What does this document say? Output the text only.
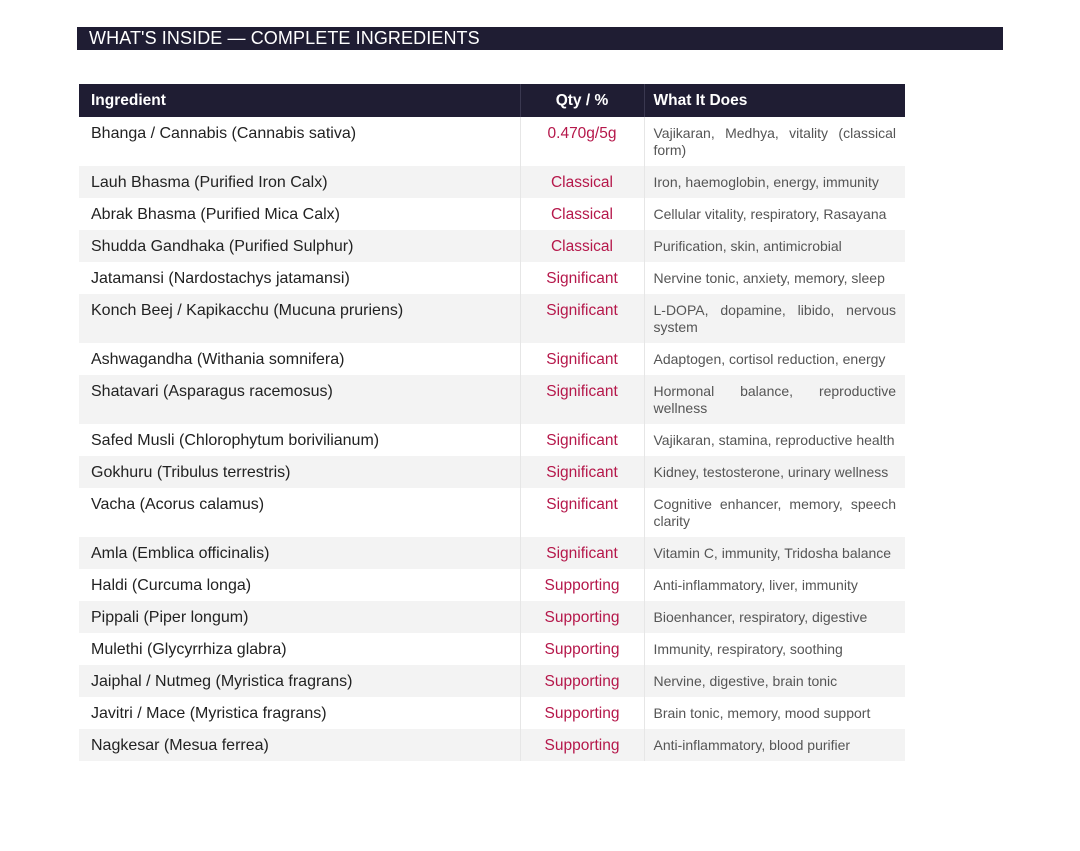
WHAT'S INSIDE — COMPLETE INGREDIENTS
Ingredient	Qty / %	What It Does
Bhanga / Cannabis (Cannabis sativa)	0.470g/5g	Vajikaran, Medhya, vitality (classical form)
Lauh Bhasma (Purified Iron Calx)	Classical	Iron, haemoglobin, energy, immunity
Abrak Bhasma (Purified Mica Calx)	Classical	Cellular vitality, respiratory, Rasayana
Shudda Gandhaka (Purified Sulphur)	Classical	Purification, skin, antimicrobial
Jatamansi (Nardostachys jatamansi)	Significant	Nervine tonic, anxiety, memory, sleep
Konch Beej / Kapikacchu (Mucuna pruriens)	Significant	L-DOPA, dopamine, libido, nervous system
Ashwagandha (Withania somnifera)	Significant	Adaptogen, cortisol reduction, energy
Shatavari (Asparagus racemosus)	Significant	Hormonal balance, reproductive wellness
Safed Musli (Chlorophytum borivilianum)	Significant	Vajikaran, stamina, reproductive health
Gokhuru (Tribulus terrestris)	Significant	Kidney, testosterone, urinary wellness
Vacha (Acorus calamus)	Significant	Cognitive enhancer, memory, speech clarity
Amla (Emblica officinalis)	Significant	Vitamin C, immunity, Tridosha balance
Haldi (Curcuma longa)	Supporting	Anti-inflammatory, liver, immunity
Pippali (Piper longum)	Supporting	Bioenhancer, respiratory, digestive
Mulethi (Glycyrrhiza glabra)	Supporting	Immunity, respiratory, soothing
Jaiphal / Nutmeg (Myristica fragrans)	Supporting	Nervine, digestive, brain tonic
Javitri / Mace (Myristica fragrans)	Supporting	Brain tonic, memory, mood support
Nagkesar (Mesua ferrea)	Supporting	Anti-inflammatory, blood purifier
